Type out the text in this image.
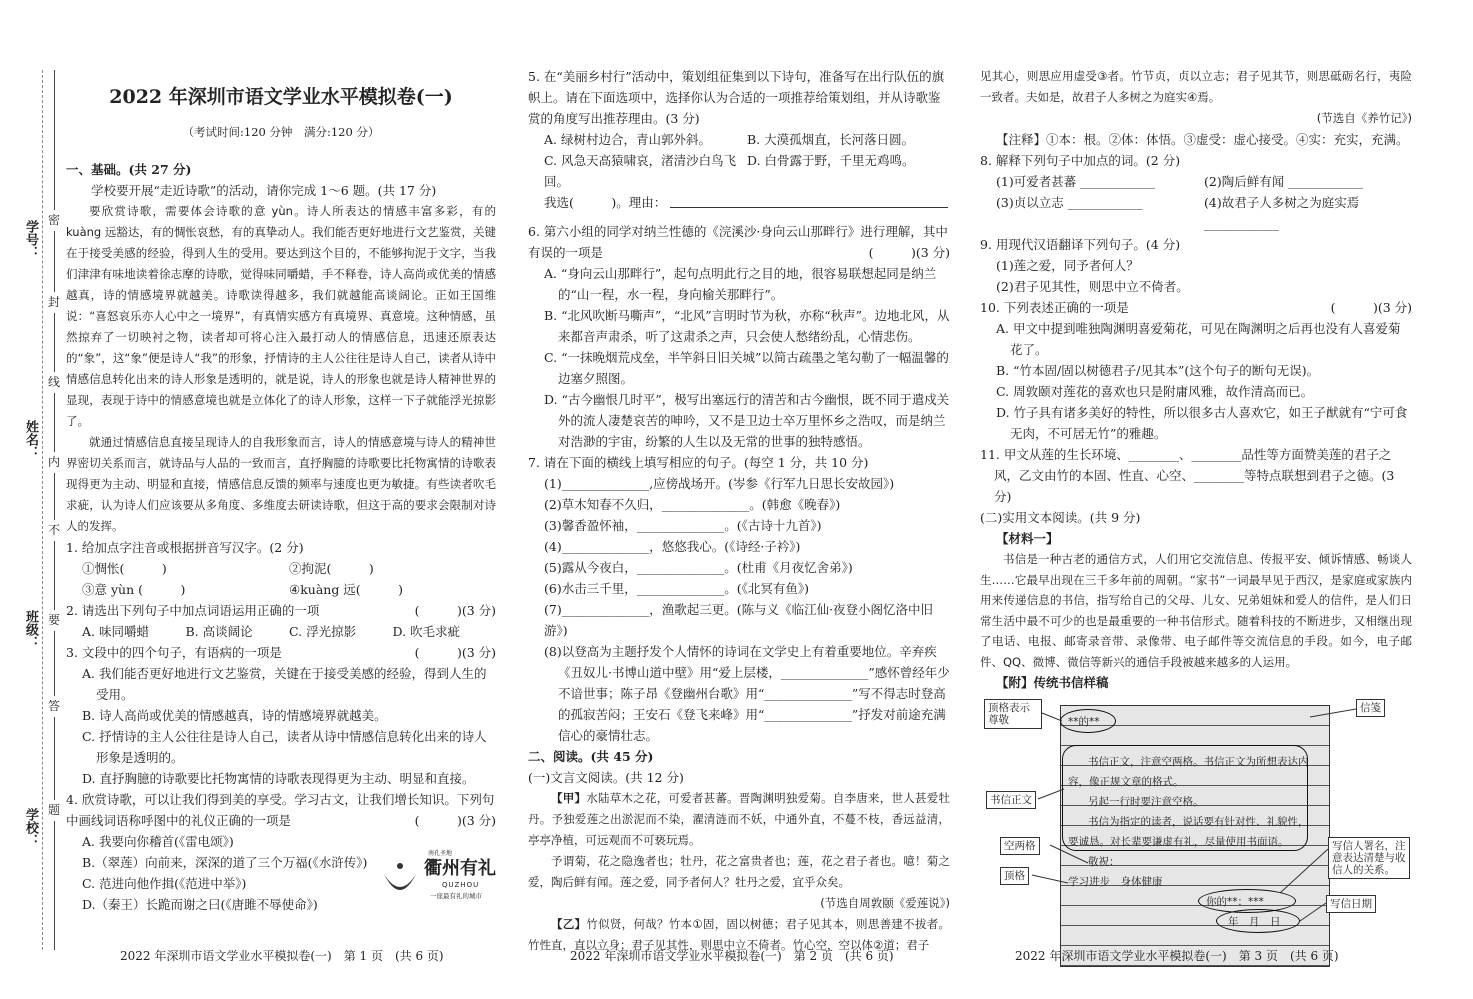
学号：
姓名：
班级：
学校：
密
封
线
内
不
要
答
题
2022 年深圳市语文学业水平模拟卷(一)
（考试时间:120 分钟　满分:120 分）
一、基础。(共 27 分)
学校要开展“走近诗歌”的活动，请你完成 1～6 题。(共 17 分)
要欣赏诗歌，需要体会诗歌的意 yùn。诗人所表达的情感丰富多彩，有的 kuàng 远豁达，有的惆怅哀愁，有的真挚动人。我们能否更好地进行文艺鉴赏，关键在于接受美感的经验，得到人生的受用。要达到这个目的，不能够拘泥于文字，当我们津津有味地读着徐志摩的诗歌，觉得味同嚼蜡，手不释卷，诗人高尚或优美的情感越真，诗的情感境界就越美。诗歌读得越多，我们就越能高谈阔论。正如王国维说：“喜怒哀乐亦人心中之一境界”，有真情实感方有真境界、真意境。这种情感，虽然掠弃了一切映衬之物，读者却可将心注入最打动人的情感信息，迅速还原表达的“象”，这“象”便是诗人“我”的形象，抒情诗的主人公往往是诗人自己，读者从诗中情感信息转化出来的诗人形象是透明的，就是说，诗人的形象也就是诗人精神世界的显现，表现于诗中的情感意境也就是立体化了的诗人形象，这样一下子就能浮光掠影了。
就通过情感信息直接呈现诗人的自我形象而言，诗人的情感意境与诗人的精神世界密切关系而言，就诗品与人品的一致而言，直抒胸臆的诗歌要比托物寓情的诗歌表现得更为主动、明显和直接，情感信息反馈的频率与速度也更为敏捷。有些读者吹毛求疵，认为诗人们应该要从多角度、多维度去研读诗歌，但这于高的要求会限制对诗人的发挥。
1. 给加点字注音或根据拼音写汉字。(2 分)
①惆怅(　　　)	②拘泥(　　　)
③意 yùn (　　　)	④kuàng 远(　　　)
2. 请选出下列句子中加点词语运用正确的一项	(　　　)(3 分)
A. 味同嚼蜡	B. 高谈阔论	C. 浮光掠影	D. 吹毛求疵
3. 文段中的四个句子，有语病的一项是	(　　　)(3 分)
A. 我们能否更好地进行文艺鉴赏，关键在于接受美感的经验，得到人生的受用。
B. 诗人高尚或优美的情感越真，诗的情感境界就越美。
C. 抒情诗的主人公往往是诗人自己，读者从诗中情感信息转化出来的诗人形象是透明的。
D. 直抒胸臆的诗歌要比托物寓情的诗歌表现得更为主动、明显和直接。
4. 欣赏诗歌，可以让我们得到美的享受。学习古文，让我们增长知识。下列句中画线词语称呼图中的礼仪正确的一项是	(　　　)(3 分)
A. 我要向你稽首(《雷电颂》)
B.（翠莲）向前来，深深的道了三个万福(《水浒传》)
C. 范进向他作揖(《范进中举》)
D.（秦王）长跪而谢之曰(《唐雎不辱使命》)
南孔圣地
衢州有礼
QUZHOU
一座最有礼的城市
2022 年深圳市语文学业水平模拟卷(一)　第 1 页　(共 6 页)
5. 在“美丽乡村行”活动中，策划组征集到以下诗句，准备写在出行队伍的旗帜上。请在下面选项中，选择你认为合适的一项推荐给策划组，并从诗歌鉴赏的角度写出推荐理由。(3 分)
A. 绿树村边合，青山郭外斜。	B. 大漠孤烟直，长河落日圆。
C. 风急天高猿啸哀，渚清沙白鸟飞回。
D. 白骨露于野，千里无鸡鸣。
我选(　　　)。理由：
6. 第六小组的同学对纳兰性德的《浣溪沙·身向云山那畔行》进行理解，其中有误的一项是	(　　　)(3 分)
A. “身向云山那畔行”，起句点明此行之目的地，很容易联想起同是纳兰的“山一程，水一程，身向榆关那畔行”。
B. “北风吹断马嘶声”，“北风”言明时节为秋，亦称“秋声”。边地北风，从来都音声肃杀，听了这肃杀之声，只会使人愁绪纷乱，心情悲伤。
C. “一抹晚烟荒戍垒，半竿斜日旧关城”以简古疏墨之笔勾勒了一幅温馨的边塞夕照图。
D. “古今幽恨几时平”，极写出塞远行的清苦和古今幽恨，既不同于遣戍关外的流人凄楚哀苦的呻吟，又不是卫边士卒万里怀乡之浩叹，而是纳兰对浩渺的宇宙，纷繁的人生以及无常的世事的独特感悟。
7. 请在下面的横线上填写相应的句子。(每空 1 分，共 10 分)
(1)______________,应傍战场开。(岑参《行军九日思长安故园》)
(2)草木知春不久归，______________。(韩愈《晚春》)
(3)馨香盈怀袖，______________。(《古诗十九首》)
(4)______________，悠悠我心。(《诗经·子衿》)
(5)露从今夜白，______________。(杜甫《月夜忆舍弟》)
(6)水击三千里，______________。(《北冥有鱼》)
(7)______________，渔歌起三更。(陈与义《临江仙·夜登小阁忆洛中旧游》)
(8)以登高为主题抒发个人情怀的诗词在文学史上有着重要地位。辛弃疾《丑奴儿·书博山道中壁》用“爱上层楼，______________”感怀曾经年少不谙世事；陈子昂《登幽州台歌》用“______________”写不得志时登高的孤寂苦闷；王安石《登飞来峰》用“______________”抒发对前途充满信心的豪情壮志。
二、阅读。(共 45 分)
(一)文言文阅读。(共 12 分)
【甲】水陆草木之花，可爱者甚蕃。晋陶渊明独爱菊。自李唐来，世人甚爱牡丹。予独爱莲之出淤泥而不染，濯清涟而不妖，中通外直，不蔓不枝，香远益清，亭亭净植，可远观而不可亵玩焉。
予谓菊，花之隐逸者也；牡丹，花之富贵者也；莲，花之君子者也。噫！菊之爱，陶后鲜有闻。莲之爱，同予者何人？牡丹之爱，宜乎众矣。
(节选自周敦颐《爱莲说》)
【乙】竹似贤，何哉？竹本①固，固以树德；君子见其本，则思善建不拔者。竹性直，直以立身；君子见其性，则思中立不倚者。竹心空，空以体②道；君子
2022 年深圳市语文学业水平模拟卷(一)　第 2 页　(共 6 页)
见其心，则思应用虚受③者。竹节贞，贞以立志；君子见其节，则思砥砺名行，夷险一致者。夫如是，故君子人多树之为庭实④焉。
(节选自《养竹记》)
【注释】①本：根。②体：体悟。③虚受：虚心接受。④实：充实，充满。
8. 解释下列句子中加点的词。(2 分)
(1)可爱者甚蕃 ____________	(2)陶后鲜有闻 ____________
(3)贞以立志 ____________	(4)故君子人多树之为庭实焉 ____________
9. 用现代汉语翻译下列句子。(4 分)
(1)莲之爱，同予者何人？
(2)君子见其性，则思中立不倚者。
10. 下列表述正确的一项是	(　　　)(3 分)
A. 甲文中提到唯独陶渊明喜爱菊花，可见在陶渊明之后再也没有人喜爱菊花了。
B. “竹本固/固以树德君子/见其本”(这个句子的断句无误)。
C. 周敦颐对莲花的喜欢也只是附庸风雅，故作清高而已。
D. 竹子具有诸多美好的特性，所以很多古人喜欢它，如王子猷就有“宁可食无肉，不可居无竹”的雅趣。
11. 甲文从莲的生长环境、________、________品性等方面赞美莲的君子之风，乙文由竹的本固、性直、心空、________等特点联想到君子之德。(3 分)
(二)实用文本阅读。(共 9 分)
【材料一】
书信是一种古老的通信方式，人们用它交流信息、传报平安、倾诉情感、畅谈人生……它最早出现在三千多年前的周朝。“家书”一词最早见于西汉，是家庭或家族内用来传递信息的书信，指写给自己的父母、儿女、兄弟姐妹和爱人的信件，是人们日常生活中最不可少的也是最重要的一种书信形式。随着科技的不断进步，又相继出现了电话、电报、邮寄录音带、录像带、电子邮件等交流信息的手段。如今，电子邮件、QQ、微博、微信等新兴的通信手段被越来越多的人运用。
【附】传统书信样稿
**的**
书信正文，注意空两格。书信正文为所想表达内
容，像正规文章的格式。
另起一行时要注意空格。
书信为指定的读者，说话要有针对性、礼貌性，
要诚恳。对长辈要谦虚有礼，尽量使用书面语。
敬祝：
学习进步　身体健康
你的**：***
年　月　日
顶格表示尊敬
信笺
书信正文
空两格
顶格
写信人署名，注意表达清楚与收信人的关系。
写信日期
2022 年深圳市语文学业水平模拟卷(一)　第 3 页　(共 6 页)
